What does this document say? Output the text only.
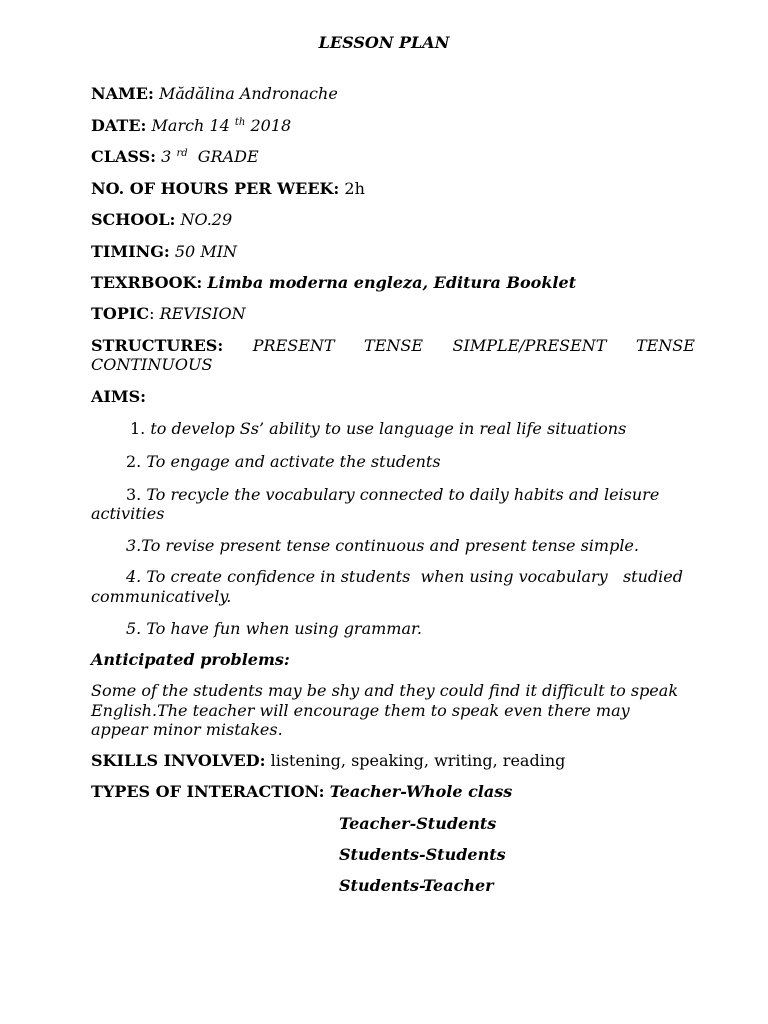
LESSON PLAN
NAME: Mădălina Andronache
DATE: March 14 $^{th}$ 2018
CLASS: 3 $^{rd}$ GRADE
NO. OF HOURS PER WEEK: 2h
SCHOOL: NO.29
TIMING: 50 MIN
TEXRBOOK: Limba moderna engleza, Editura Booklet
TOPIC: REVISION
STRUCTURES: PRESENT TENSE SIMPLE/PRESENT TENSE
CONTINUOUS
AIMS:
1. to develop Ss’ ability to use language in real life situations
2. To engage and activate the students
3. To recycle the vocabulary connected to daily habits and leisure
activities
3.To revise present tense continuous and present tense simple.
4. To create confidence in students  when using vocabulary   studied
communicatively.
5. To have fun when using grammar.
Anticipated problems:
Some of the students may be shy and they could find it difficult to speak
English.The teacher will encourage them to speak even there may
appear minor mistakes.
SKILLS INVOLVED: listening, speaking, writing, reading
TYPES OF INTERACTION: Teacher-Whole class
Teacher-Students
Students-Students
Students-Teacher
